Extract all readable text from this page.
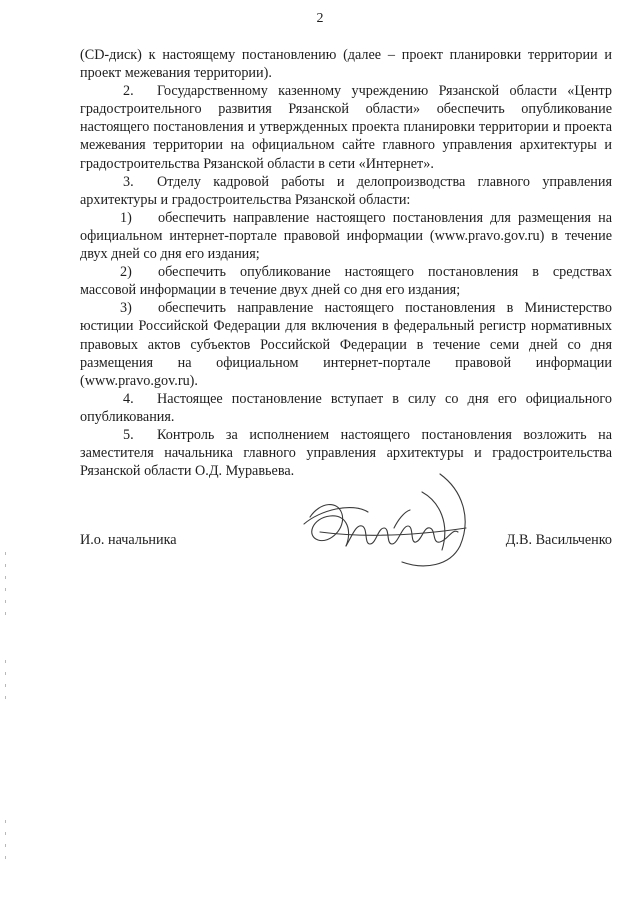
2

(CD-диск) к настоящему постановлению (далее – проект планировки территории и проект межевания территории).

2. Государственному казенному учреждению Рязанской области «Центр градостроительного развития Рязанской области» обеспечить опубликование настоящего постановления и утвержденных проекта планировки территории и проекта межевания территории на официальном сайте главного управления архитектуры и градостроительства Рязанской области в сети «Интернет».

3. Отделу кадровой работы и делопроизводства главного управления архитектуры и градостроительства Рязанской области:

1) обеспечить направление настоящего постановления для размещения на официальном интернет-портале правовой информации (www.pravo.gov.ru) в течение двух дней со дня его издания;

2) обеспечить опубликование настоящего постановления в средствах массовой информации в течение двух дней со дня его издания;

3) обеспечить направление настоящего постановления в Министерство юстиции Российской Федерации для включения в федеральный регистр нормативных правовых актов субъектов Российской Федерации в течение семи дней со дня размещения на официальном интернет-портале правовой информации (www.pravo.gov.ru).

4. Настоящее постановление вступает в силу со дня его официального опубликования.

5. Контроль за исполнением настоящего постановления возложить на заместителя начальника главного управления архитектуры и градостроительства Рязанской области О.Д. Муравьева.

И.о. начальника	Д.В. Васильченко
